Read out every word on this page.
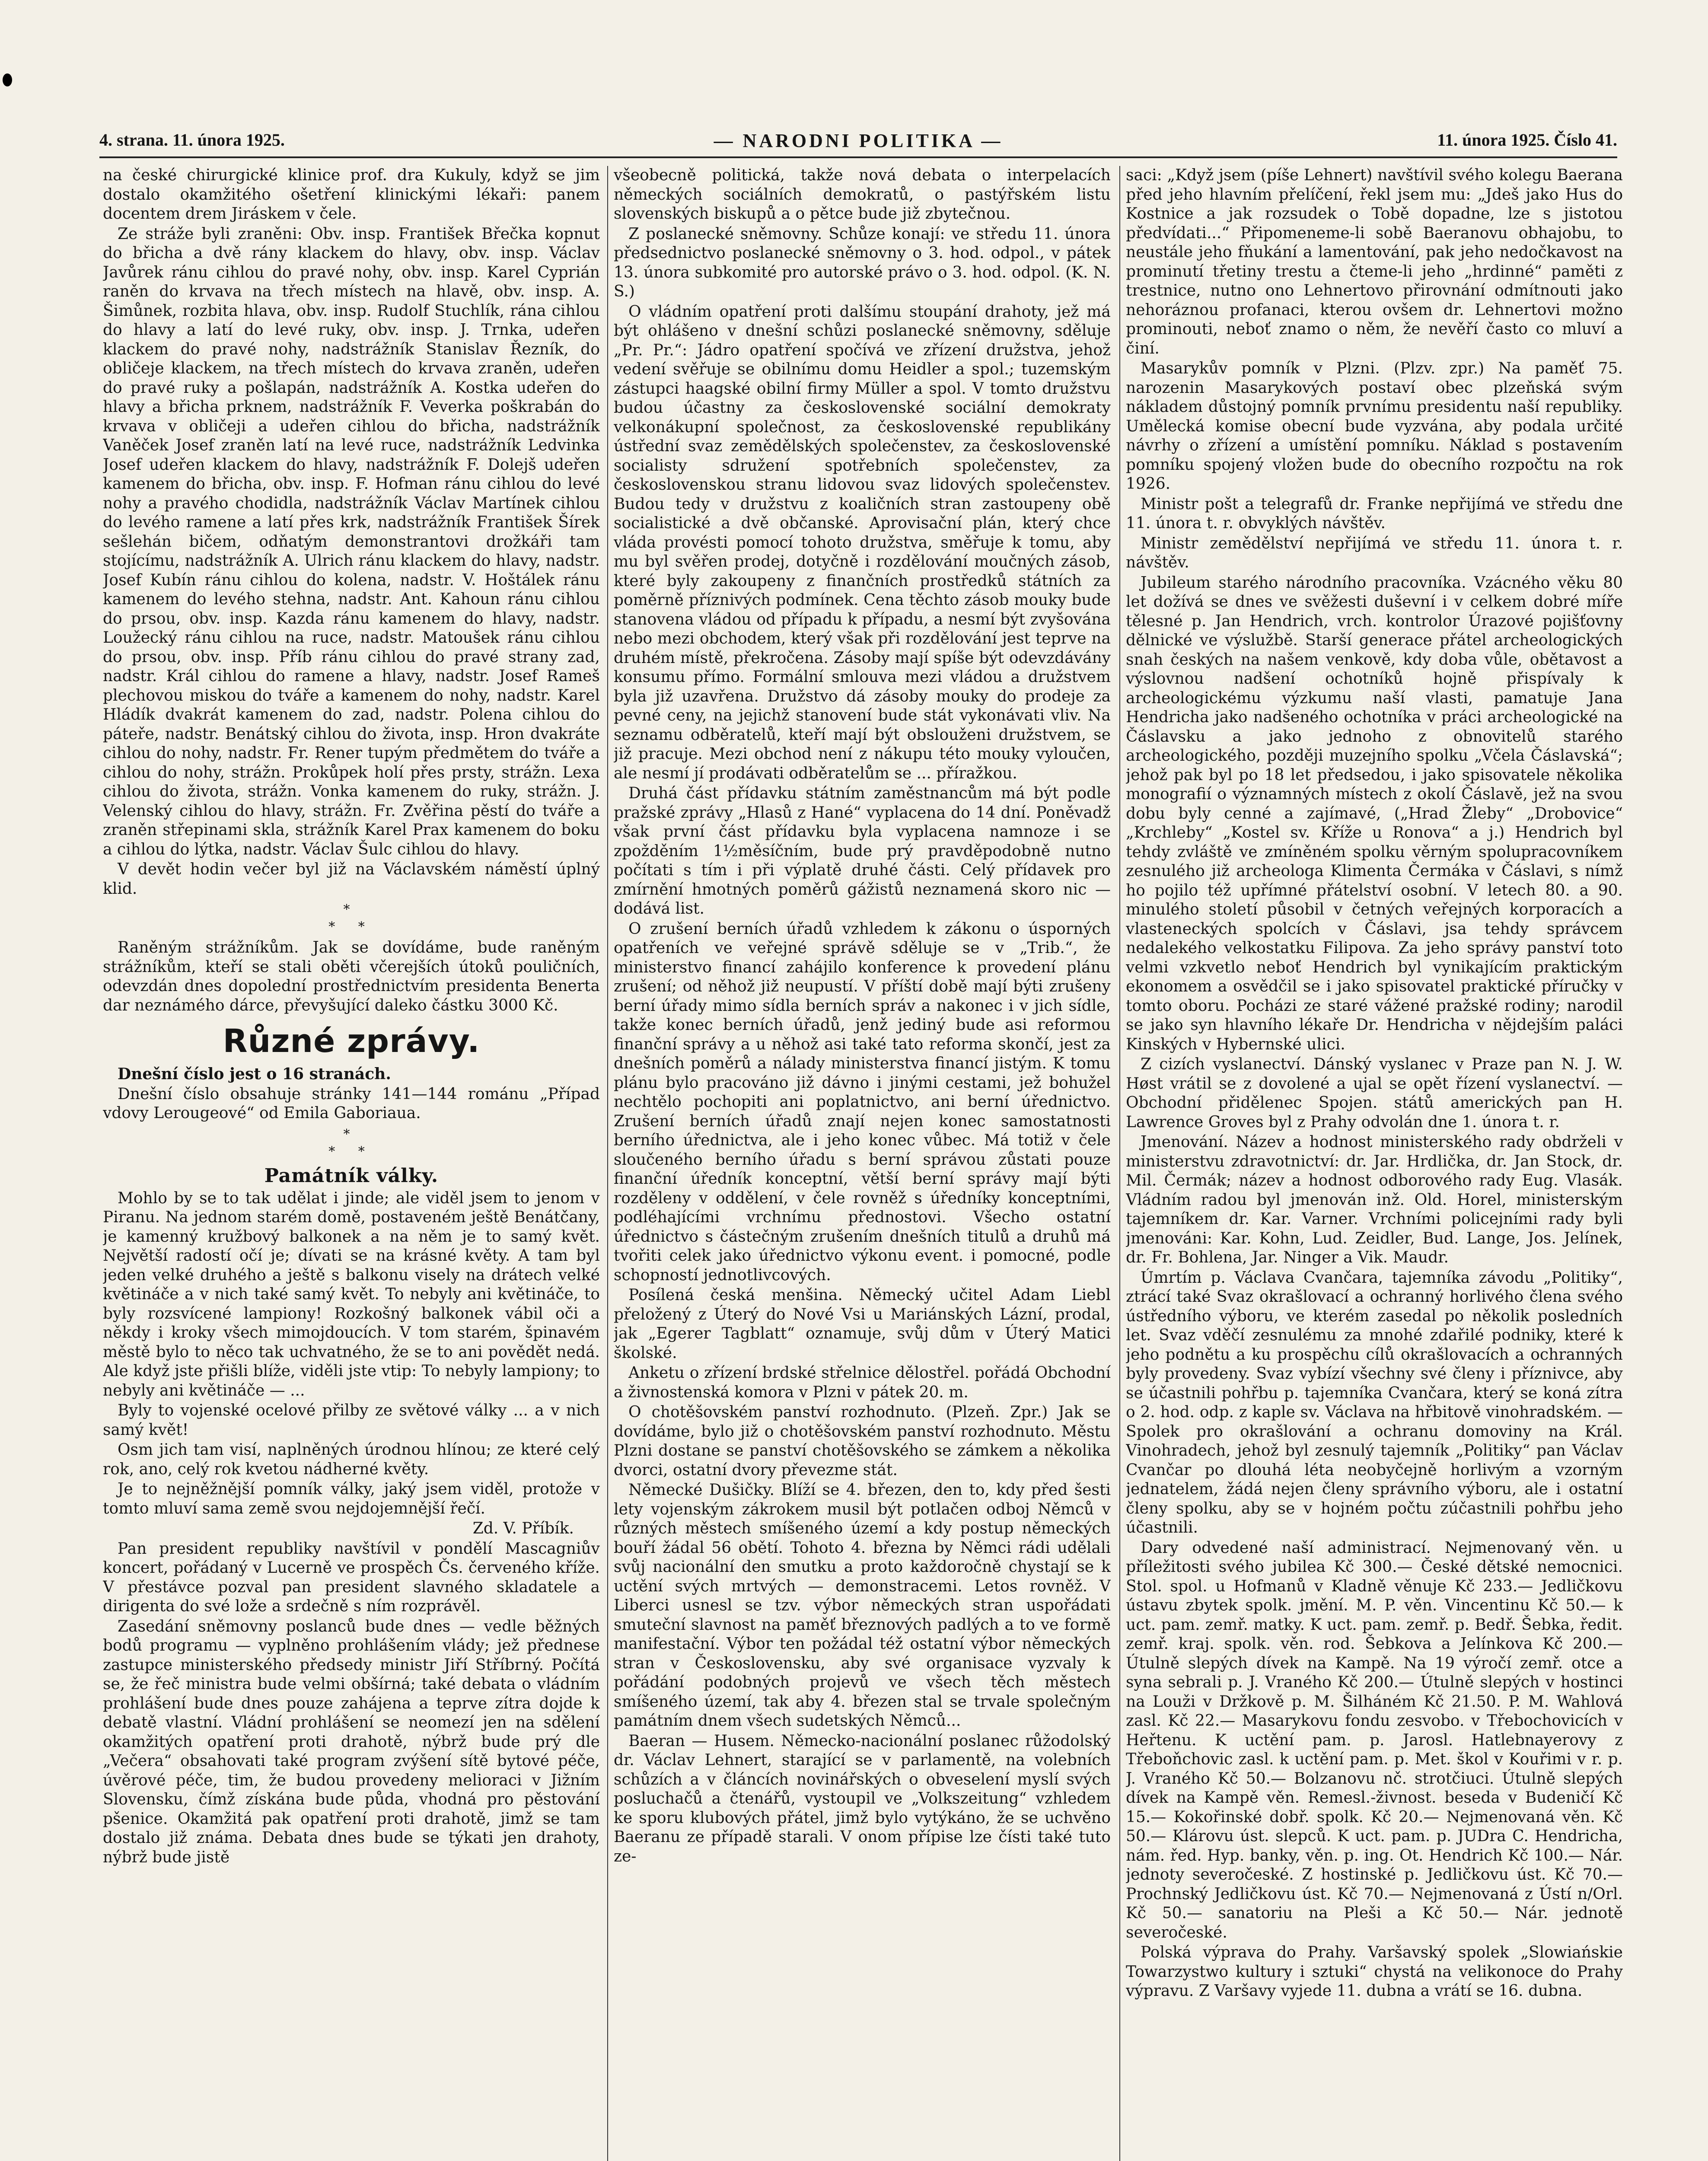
4. strana. 11. února 1925.	— NARODNI POLITIKA —	11. února 1925. Číslo 41.

na české chirurgické klinice prof. dra Kukuly, když se jim dostalo okamžitého ošetření klinickými lékaři: panem docentem drem Jiráskem v čele.

Ze stráže byli zraněni: Obv. insp. František Břečka kopnut do břicha a dvě rány klackem do hlavy, obv. insp. Václav Javůrek ránu cihlou do pravé nohy, obv. insp. Karel Cyprián raněn do krvava na třech místech na hlavě, obv. insp. A. Šimůnek, rozbita hlava, obv. insp. Rudolf Stuchlík, rána cihlou do hlavy a latí do levé ruky, obv. insp. J. Trnka, udeřen klackem do pravé nohy, nadstrážník Stanislav Řezník, do obličeje klackem, na třech místech do krvava zraněn, udeřen do pravé ruky a pošlapán, nadstrážník A. Kostka udeřen do hlavy a břicha prknem, nadstrážník F. Veverka poškrabán do krvava v obličeji a udeřen cihlou do břicha, nadstrážník Vaněček Josef zraněn latí na levé ruce, nadstrážník Ledvinka Josef udeřen klackem do hlavy, nadstrážník F. Dolejš udeřen kamenem do břicha, obv. insp. F. Hofman ránu cihlou do levé nohy a pravého chodidla, nadstrážník Václav Martínek cihlou do levého ramene a latí přes krk, nadstrážník František Šírek sešlehán bičem, odňatým demonstrantovi drožkáři tam stojícímu, nadstrážník A. Ulrich ránu klackem do hlavy, nadstr. Josef Kubín ránu cihlou do kolena, nadstr. V. Hoštálek ránu kamenem do levého stehna, nadstr. Ant. Kahoun ránu cihlou do prsou, obv. insp. Kazda ránu kamenem do hlavy, nadstr. Loužecký ránu cihlou na ruce, nadstr. Matoušek ránu cihlou do prsou, obv. insp. Příb ránu cihlou do pravé strany zad, nadstr. Král cihlou do ramene a hlavy, nadstr. Josef Rameš plechovou miskou do tváře a kamenem do nohy, nadstr. Karel Hládík dvakrát kamenem do zad, nadstr. Polena cihlou do páteře, nadstr. Benátský cihlou do života, insp. Hron dvakráte cihlou do nohy, nadstr. Fr. Rener tupým předmětem do tváře a cihlou do nohy, strážn. Prokůpek holí přes prsty, strážn. Lexa cihlou do života, strážn. Vonka kamenem do ruky, strážn. J. Velenský cihlou do hlavy, strážn. Fr. Zvěřina pěstí do tváře a zraněn střepinami skla, strážník Karel Prax kamenem do boku a cihlou do lýtka, nadstr. Václav Šulc cihlou do hlavy.

V devět hodin večer byl již na Václavském náměstí úplný klid.

*
* *

Raněným strážníkům. Jak se dovídáme, bude raněným strážníkům, kteří se stali oběti včerejších útoků pouličních, odevzdán dnes dopolední prostřednictvím presidenta Benerta dar neznámého dárce, převyšující daleko částku 3000 Kč.

Různé zprávy.

Dnešní číslo jest o 16 stranách.

Dnešní číslo obsahuje stránky 141—144 románu „Případ vdovy Lerougeové“ od Emila Gaboriaua.

*
* *
Památník války.

Mohlo by se to tak udělat i jinde; ale viděl jsem to jenom v Piranu. Na jednom starém domě, postaveném ještě Benátčany, je kamenný kružbový balkonek a na něm je to samý květ. Největší radostí očí je; dívati se na krásné květy. A tam byl jeden velké druhého a ještě s balkonu visely na drátech velké květináče a v nich také samý květ. To nebyly ani květináče, to byly rozsvícené lampiony! Rozkošný balkonek vábil oči a někdy i kroky všech mimojdoucích. V tom starém, špinavém městě bylo to něco tak uchvatného, že se to ani povědět nedá. Ale když jste přišli blíže, viděli jste vtip: To nebyly lampiony; to nebyly ani květináče — ...

Byly to vojenské ocelové přilby ze světové války ... a v nich samý květ!

Osm jich tam visí, naplněných úrodnou hlínou; ze které celý rok, ano, celý rok kvetou nádherné květy.

Je to nejněžnější pomník války, jaký jsem viděl, protože v tomto mluví sama země svou nejdojemnější řečí.

Zd. V. Příbík.

Pan president republiky navštívil v pondělí Mascagniův koncert, pořádaný v Lucerně ve prospěch Čs. červeného kříže. V přestávce pozval pan president slavného skladatele a dirigenta do své lože a srdečně s ním rozprávěl.

Zasedání sněmovny poslanců bude dnes — vedle běžných bodů programu — vyplněno prohlášením vlády; jež přednese zastupce ministerského předsedy ministr Jiří Stříbrný. Počítá se, že řeč ministra bude velmi obšírná; také debata o vládním prohlášení bude dnes pouze zahájena a teprve zítra dojde k debatě vlastní. Vládní prohlášení se neomezí jen na sdělení okamžitých opatření proti drahotě, nýbrž bude prý dle „Večera“ obsahovati také program zvýšení sítě bytové péče, úvěrové péče, tim, že budou provedeny melioraci v Jižním Slovensku, čímž získána bude půda, vhodná pro pěstování pšenice. Okamžitá pak opatření proti drahotě, jimž se tam dostalo již známa. Debata dnes bude se týkati jen drahoty, nýbrž bude jistě

všeobecně politická, takže nová debata o interpelacích německých sociálních demokratů, o pastýřském listu slovenských biskupů a o pětce bude již zbytečnou.

Z poslanecké sněmovny. Schůze konají: ve středu 11. února předsednictvo poslanecké sněmovny o 3. hod. odpol., v pátek 13. února subkomité pro autorské právo o 3. hod. odpol. (K. N. S.)

O vládním opatření proti dalšímu stoupání drahoty, jež má být ohlášeno v dnešní schůzi poslanecké sněmovny, sděluje „Pr. Pr.“: Jádro opatření spočívá ve zřízení družstva, jehož vedení svěřuje se obilnímu domu Heidler a spol.; tuzemským zástupci haagské obilní firmy Müller a spol. V tomto družstvu budou účastny za československé sociální demokraty velkonákupní společnost, za československé republikány ústřední svaz zemědělských společenstev, za československé socialisty sdružení spotřebních společenstev, za československou stranu lidovou svaz lidových společenstev. Budou tedy v družstvu z koaličních stran zastoupeny obě socialistické a dvě občanské. Aprovisační plán, který chce vláda provésti pomocí tohoto družstva, směřuje k tomu, aby mu byl svěřen prodej, dotyčně i rozdělování moučných zásob, které byly zakoupeny z finančních prostředků státních za poměrně příznivých podmínek. Cena těchto zásob mouky bude stanovena vládou od případu k případu, a nesmí být zvyšována nebo mezi obchodem, který však při rozdělování jest teprve na druhém místě, překročena. Zásoby mají spíše být odevzdávány konsumu přímo. Formální smlouva mezi vládou a družstvem byla již uzavřena. Družstvo dá zásoby mouky do prodeje za pevné ceny, na jejichž stanovení bude stát vykonávati vliv. Na seznamu odběratelů, kteří mají být obslouženi družstvem, se již pracuje. Mezi obchod není z nákupu této mouky vyloučen, ale nesmí jí prodávati odběratelům se ... příražkou.

Druhá část přídavku státním zaměstnancům má být podle pražské zprávy „Hlasů z Hané“ vyplacena do 14 dní. Poněvadž však první část přídavku byla vyplacena namnoze i se zpožděním 1½měsíčním, bude prý pravděpodobně nutno počítati s tím i při výplatě druhé části. Celý přídavek pro zmírnění hmotných poměrů gážistů neznamená skoro nic — dodává list.

O zrušení berních úřadů vzhledem k zákonu o úsporných opatřeních ve veřejné správě sděluje se v „Trib.“, že ministerstvo financí zahájilo konference k provedení plánu zrušení; od něhož již neupustí. V příští době mají býti zrušeny berní úřady mimo sídla berních správ a nakonec i v jich sídle, takže konec berních úřadů, jenž jediný bude asi reformou finanční správy a u něhož asi také tato reforma skončí, jest za dnešních poměrů a nálady ministerstva financí jistým. K tomu plánu bylo pracováno již dávno i jinými cestami, jež bohužel nechtělo pochopiti ani poplatnictvo, ani berní úřednictvo. Zrušení berních úřadů znají nejen konec samostatnosti berního úřednictva, ale i jeho konec vůbec. Má totiž v čele sloučeného berního úřadu s berní správou zůstati pouze finanční úředník konceptní, větší berní správy mají býti rozděleny v oddělení, v čele rovněž s úředníky konceptními, podléhajícími vrchnímu přednostovi. Všecho ostatní úřednictvo s částečným zrušením dnešních titulů a druhů má tvořiti celek jako úřednictvo výkonu event. i pomocné, podle schopností jednotlivcových.

Posílená česká menšina. Německý učitel Adam Liebl přeložený z Úterý do Nové Vsi u Mariánských Lázní, prodal, jak „Egerer Tagblatt“ oznamuje, svůj dům v Úterý Matici školské.

Anketu o zřízení brdské střelnice dělostřel. pořádá Obchodní a živnostenská komora v Plzni v pátek 20. m.

O chotěšovském panství rozhodnuto. (Plzeň. Zpr.) Jak se dovídáme, bylo již o chotěšovském panství rozhodnuto. Městu Plzni dostane se panství chotěšovského se zámkem a několika dvorci, ostatní dvory převezme stát.

Německé Dušičky. Blíží se 4. březen, den to, kdy před šesti lety vojenským zákrokem musil být potlačen odboj Němců v různých městech smíšeného území a kdy postup německých bouří žádal 56 obětí. Tohoto 4. března by Němci rádi udělali svůj nacionální den smutku a proto každoročně chystají se k uctění svých mrtvých — demonstracemi. Letos rovněž. V Liberci usnesl se tzv. výbor německých stran uspořádati smuteční slavnost na paměť březnových padlých a to ve formě manifestační. Výbor ten požádal též ostatní výbor německých stran v Československu, aby své organisace vyzvaly k pořádání podobných projevů ve všech těch městech smíšeného území, tak aby 4. březen stal se trvale společným památním dnem všech sudetských Němců...

Baeran — Husem. Německo-nacionální poslanec růžodolský dr. Václav Lehnert, starající se v parlamentě, na volebních schůzích a v článcích novinářských o obveselení myslí svých posluchačů a čtenářů, vystoupil ve „Volkszeitung“ vzhledem ke sporu klubových přátel, jimž bylo vytýkáno, že se uchvěno Baeranu ze případě starali. V onom přípise lze čísti také tuto ze-

saci: „Když jsem (píše Lehnert) navštívil svého kolegu Baerana před jeho hlavním přelíčení, řekl jsem mu: „Jdeš jako Hus do Kostnice a jak rozsudek o Tobě dopadne, lze s jistotou předvídati...“ Připomeneme-li sobě Baeranovu obhajobu, to neustále jeho fňukání a lamentování, pak jeho nedočkavost na prominutí třetiny trestu a čteme-li jeho „hrdinné“ paměti z trestnice, nutno ono Lehnertovo přirovnání odmítnouti jako nehoráznou profanaci, kterou ovšem dr. Lehnertovi možno prominouti, neboť znamo o něm, že nevěří často co mluví a činí.

Masarykův pomník v Plzni. (Plzv. zpr.) Na paměť 75. narozenin Masarykových postaví obec plzeňská svým nákladem důstojný pomník prvnímu presidentu naší republiky. Umělecká komise obecní bude vyzvána, aby podala určité návrhy o zřízení a umístění pomníku. Náklad s postavením pomníku spojený vložen bude do obecního rozpočtu na rok 1926.

Ministr pošt a telegrafů dr. Franke nepřijímá ve středu dne 11. února t. r. obvyklých návštěv.

Ministr zemědělství nepřijímá ve středu 11. února t. r. návštěv.

Jubileum starého národního pracovníka. Vzácného věku 80 let dožívá se dnes ve svěžesti duševní i v celkem dobré míře tělesné p. Jan Hendrich, vrch. kontrolor Úrazové pojišťovny dělnické ve výslužbě. Starší generace přátel archeologických snah českých na našem venkově, kdy doba vůle, obětavost a výslovnou nadšení ochotníků hojně přispívaly k archeologickému výzkumu naší vlasti, pamatuje Jana Hendricha jako nadšeného ochotníka v práci archeologické na Čáslavsku a jako jednoho z obnovitelů starého archeologického, později muzejního spolku „Včela Čáslavská“; jehož pak byl po 18 let předsedou, i jako spisovatele několika monografií o významných místech z okolí Čáslavě, jež na svou dobu byly cenné a zajímavé, („Hrad Žleby“ „Drobovice“ „Krchleby“ „Kostel sv. Kříže u Ronova“ a j.) Hendrich byl tehdy zvláště ve zmíněném spolku věrným spolupracovníkem zesnulého již archeologa Klimenta Čermáka v Čáslavi, s nímž ho pojilo též upřímné přátelství osobní. V letech 80. a 90. minulého století působil v četných veřejných korporacích a vlasteneckých spolcích v Čáslavi, jsa tehdy správcem nedalekého velkostatku Filipova. Za jeho správy panství toto velmi vzkvetlo neboť Hendrich byl vynikajícím praktickým ekonomem a osvědčil se i jako spisovatel praktické příručky v tomto oboru. Pocházi ze staré vážené pražské rodiny; narodil se jako syn hlavního lékaře Dr. Hendricha v nějdejším paláci Kinských v Hybernské ulici.

Z cizích vyslanectví. Dánský vyslanec v Praze pan N. J. W. Høst vrátil se z dovolené a ujal se opět řízení vyslanectví. — Obchodní přidělenec Spojen. států amerických pan H. Lawrence Groves byl z Prahy odvolán dne 1. února t. r.

Jmenování. Název a hodnost ministerského rady obdrželi v ministerstvu zdravotnictví: dr. Jar. Hrdlička, dr. Jan Stock, dr. Mil. Čermák; název a hodnost odborového rady Eug. Vlasák. Vládním radou byl jmenován inž. Old. Horel, ministerským tajemníkem dr. Kar. Varner. Vrchními policejními rady byli jmenováni: Kar. Kohn, Lud. Zeidler, Bud. Lange, Jos. Jelínek, dr. Fr. Bohlena, Jar. Ninger a Vik. Maudr.

Úmrtím p. Václava Cvančara, tajemníka závodu „Politiky“, ztrácí také Svaz okrašlovací a ochranný horlivého člena svého ústředního výboru, ve kterém zasedal po několik posledních let. Svaz vděčí zesnulému za mnohé zdařilé podniky, které k jeho podnětu a ku prospěchu cílů okrašlovacích a ochranných byly provedeny. Svaz vybízí všechny své členy i příznivce, aby se účastnili pohřbu p. tajemníka Cvančara, který se koná zítra o 2. hod. odp. z kaple sv. Václava na hřbitově vinohradském. — Spolek pro okrašlování a ochranu domoviny na Král. Vinohradech, jehož byl zesnulý tajemník „Politiky“ pan Václav Cvančar po dlouhá léta neobyčejně horlivým a vzorným jednatelem, žádá nejen členy správního výboru, ale i ostatní členy spolku, aby se v hojném počtu zúčastnili pohřbu jeho účastnili.

Dary odvedené naší administrací. Nejmenovaný věn. u příležitosti svého jubilea Kč 300.— České dětské nemocnici. Stol. spol. u Hofmanů v Kladně věnuje Kč 233.— Jedličkovu ústavu zbytek spolk. jmění. M. P. věn. Vincentinu Kč 50.— k uct. pam. zemř. matky. K uct. pam. zemř. p. Bedř. Šebka, ředit. zemř. kraj. spolk. věn. rod. Šebkova a Jelínkova Kč 200.— Útulně slepých dívek na Kampě. Na 19 výročí zemř. otce a syna sebrali p. J. Vraného Kč 200.— Útulně slepých v hostinci na Louži v Držkově p. M. Šilháném Kč 21.50. P. M. Wahlová zasl. Kč 22.— Masarykovu fondu zesvobo. v Třebochovicích v Heřtenu. K uctění pam. p. Jarosl. Hatlebnayerovy z Třeboňchovic zasl. k uctění pam. p. Met. škol v Kouřimi v r. p. J. Vraného Kč 50.— Bolzanovu nč. strotčiuci. Útulně slepých dívek na Kampě věn. Remesl.-živnost. beseda v Budeničí Kč 15.— Kokořinské dobř. spolk. Kč 20.— Nejmenovaná věn. Kč 50.— Klárovu úst. slepců. K uct. pam. p. JUDra C. Hendricha, nám. řed. Hyp. banky, věn. p. ing. Ot. Hendrich Kč 100.— Nár. jednoty severočeské. Z hostinské p. Jedličkovu úst. Kč 70.— Prochnský Jedličkovu úst. Kč 70.— Nejmenovaná z Ústí n/Orl. Kč 50.— sanatoriu na Pleši a Kč 50.— Nár. jednotě severočeské.

Polská výprava do Prahy. Varšavský spolek „Slowiańskie Towarzystwo kultury i sztuki“ chystá na velikonoce do Prahy výpravu. Z Varšavy vyjede 11. dubna a vrátí se 16. dubna.
